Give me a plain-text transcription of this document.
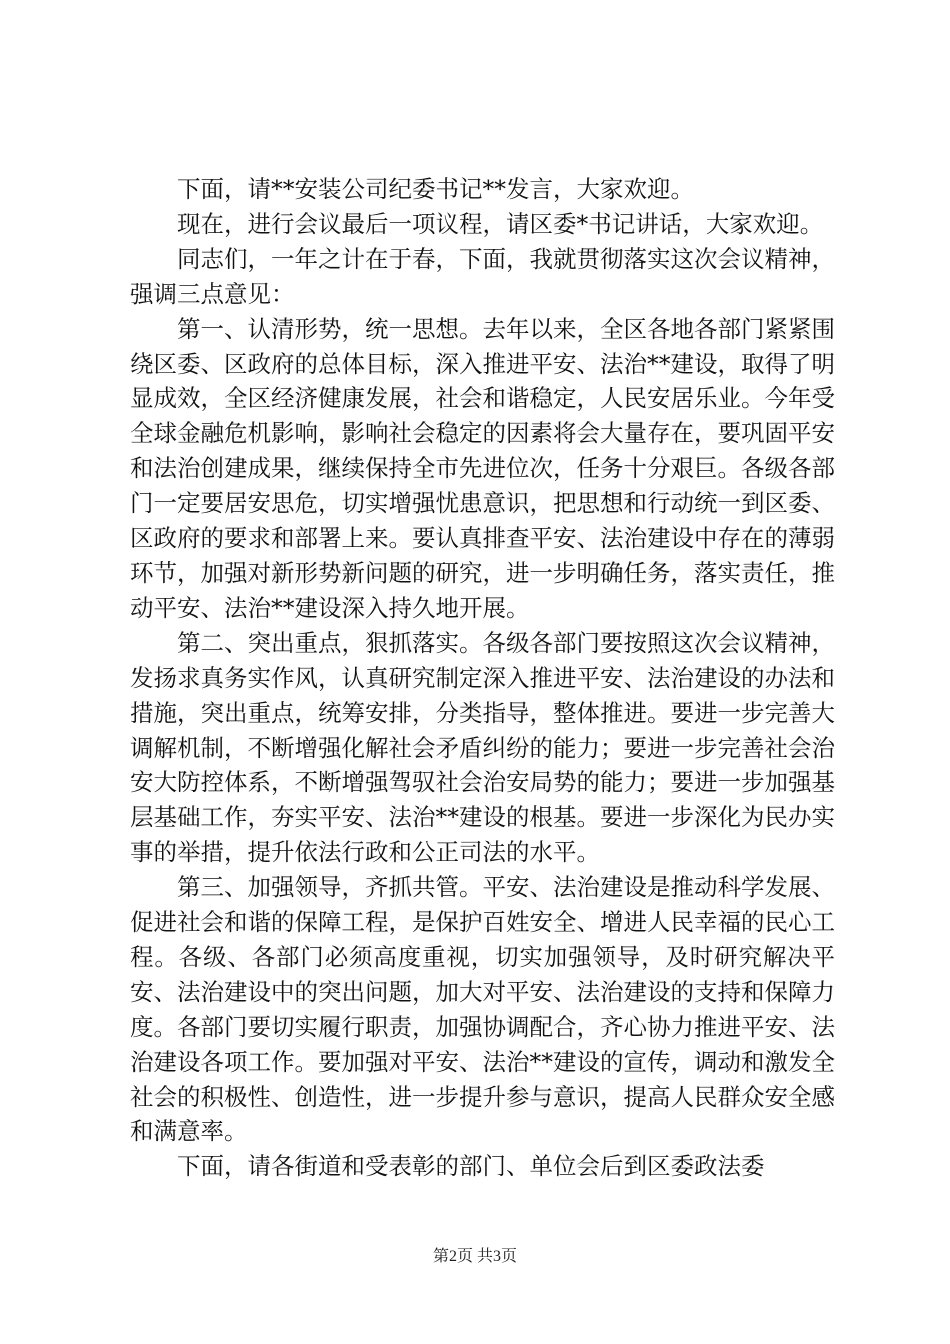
下面，请**安装公司纪委书记**发言，大家欢迎。

现在，进行会议最后一项议程，请区委*书记讲话，大家欢迎。

同志们，一年之计在于春，下面，我就贯彻落实这次会议精神，强调三点意见：

第一、认清形势，统一思想。去年以来，全区各地各部门紧紧围绕区委、区政府的总体目标，深入推进平安、法治**建设，取得了明显成效，全区经济健康发展，社会和谐稳定，人民安居乐业。今年受全球金融危机影响，影响社会稳定的因素将会大量存在，要巩固平安和法治创建成果，继续保持全市先进位次，任务十分艰巨。各级各部门一定要居安思危，切实增强忧患意识，把思想和行动统一到区委、区政府的要求和部署上来。要认真排查平安、法治建设中存在的薄弱环节，加强对新形势新问题的研究，进一步明确任务，落实责任，推动平安、法治**建设深入持久地开展。

第二、突出重点，狠抓落实。各级各部门要按照这次会议精神，发扬求真务实作风，认真研究制定深入推进平安、法治建设的办法和措施，突出重点，统筹安排，分类指导，整体推进。要进一步完善大调解机制，不断增强化解社会矛盾纠纷的能力；要进一步完善社会治安大防控体系，不断增强驾驭社会治安局势的能力；要进一步加强基层基础工作，夯实平安、法治**建设的根基。要进一步深化为民办实事的举措，提升依法行政和公正司法的水平。

第三、加强领导，齐抓共管。平安、法治建设是推动科学发展、促进社会和谐的保障工程，是保护百姓安全、增进人民幸福的民心工程。各级、各部门必须高度重视，切实加强领导，及时研究解决平安、法治建设中的突出问题，加大对平安、法治建设的支持和保障力度。各部门要切实履行职责，加强协调配合，齐心协力推进平安、法治建设各项工作。要加强对平安、法治**建设的宣传，调动和激发全社会的积极性、创造性，进一步提升参与意识，提高人民群众安全感和满意率。

下面，请各街道和受表彰的部门、单位会后到区委政法委

第2页 共3页
